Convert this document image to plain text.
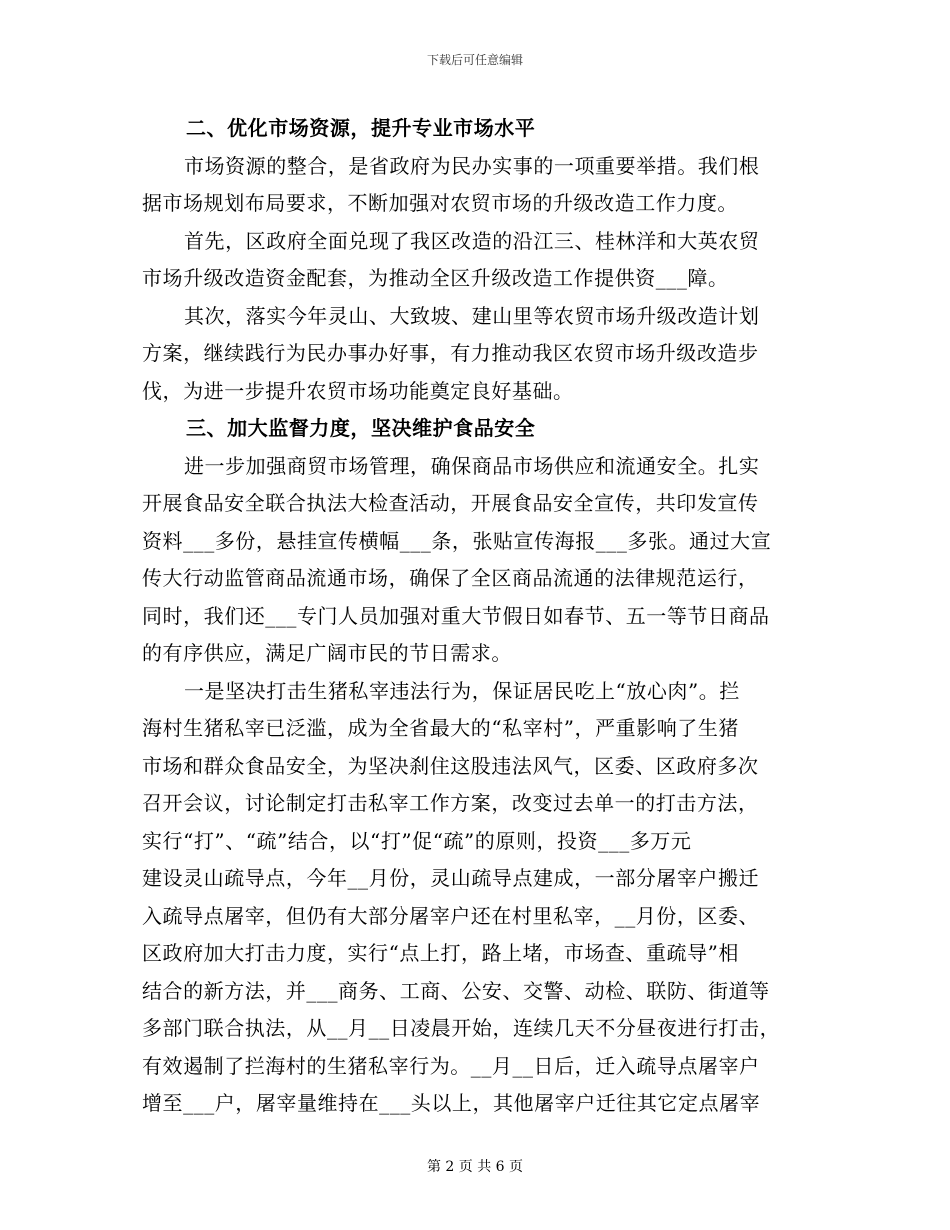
下载后可任意编辑
二、优化市场资源，提升专业市场水平
市场资源的整合，是省政府为民办实事的一项重要举措。我们根
据市场规划布局要求，不断加强对农贸市场的升级改造工作力度。
首先，区政府全面兑现了我区改造的沿江三、桂林洋和大英农贸
市场升级改造资金配套，为推动全区升级改造工作提供资___障。
其次，落实今年灵山、大致坡、建山里等农贸市场升级改造计划
方案，继续践行为民办事办好事，有力推动我区农贸市场升级改造步
伐，为进一步提升农贸市场功能奠定良好基础。
三、加大监督力度，坚决维护食品安全
进一步加强商贸市场管理，确保商品市场供应和流通安全。扎实
开展食品安全联合执法大检查活动，开展食品安全宣传，共印发宣传
资料___多份，悬挂宣传横幅___条，张贴宣传海报___多张。通过大宣
传大行动监管商品流通市场，确保了全区商品流通的法律规范运行，
同时，我们还___专门人员加强对重大节假日如春节、五一等节日商品
的有序供应，满足广阔市民的节日需求。
一是坚决打击生猪私宰违法行为，保证居民吃上“放心肉”。拦
海村生猪私宰已泛滥，成为全省最大的“私宰村”，严重影响了生猪
市场和群众食品安全，为坚决刹住这股违法风气，区委、区政府多次
召开会议，讨论制定打击私宰工作方案，改变过去单一的打击方法，
实行“打”、“疏”结合，以“打”促“疏”的原则，投资___多万元
建设灵山疏导点，今年__月份，灵山疏导点建成，一部分屠宰户搬迁
入疏导点屠宰，但仍有大部分屠宰户还在村里私宰，__月份，区委、
区政府加大打击力度，实行“点上打，路上堵，市场查、重疏导”相
结合的新方法，并___商务、工商、公安、交警、动检、联防、街道等
多部门联合执法，从__月__日凌晨开始，连续几天不分昼夜进行打击，
有效遏制了拦海村的生猪私宰行为。__月__日后，迁入疏导点屠宰户
增至___户，屠宰量维持在___头以上，其他屠宰户迁往其它定点屠宰
第 2 页 共 6 页
